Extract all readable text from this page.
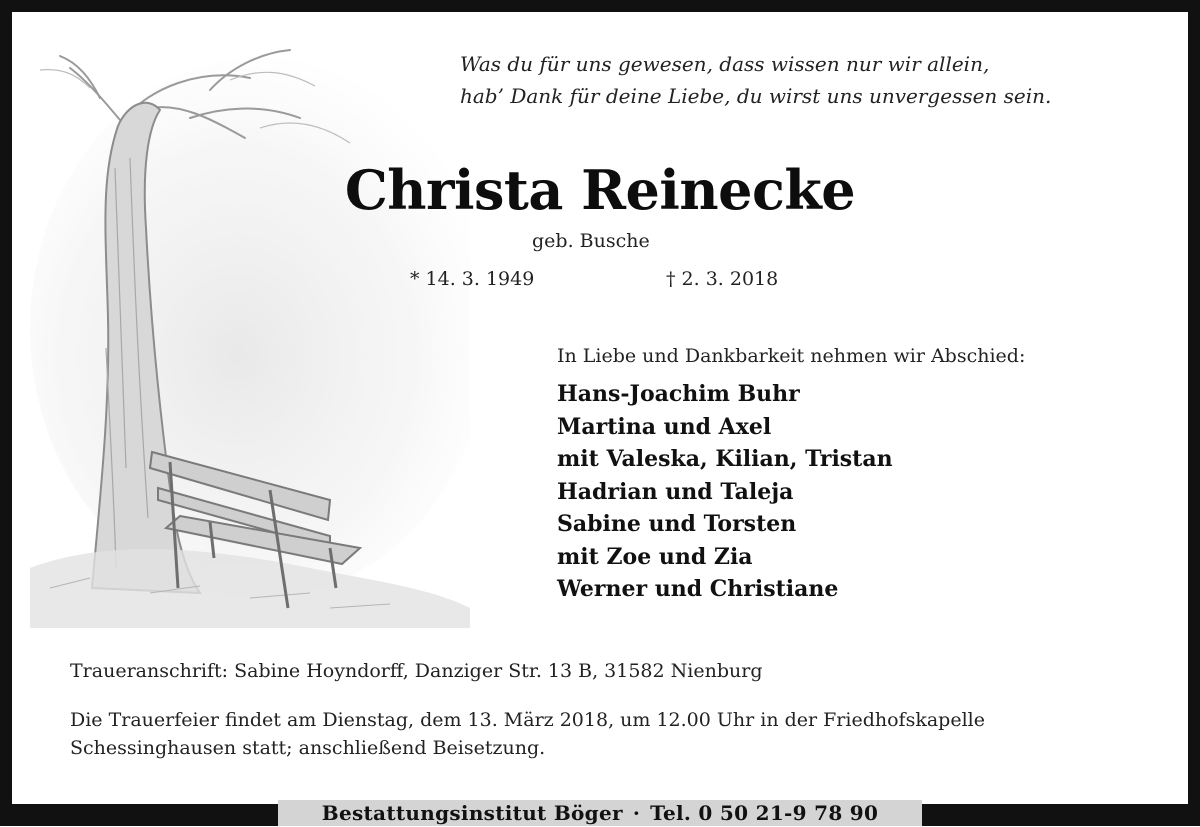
Was du für uns gewesen, dass wissen nur wir allein,
hab’ Dank für deine Liebe, du wirst uns unvergessen sein.
Christa Reinecke
geb. Busche
* 14. 3. 1949	† 2. 3. 2018
In Liebe und Dankbarkeit nehmen wir Abschied:
Hans-Joachim Buhr
Martina und Axel
mit Valeska, Kilian, Tristan
Hadrian und Taleja
Sabine und Torsten
mit Zoe und Zia
Werner und Christiane
Traueranschrift: Sabine Hoyndorff, Danziger Str. 13 B, 31582 Nienburg
Die Trauerfeier findet am Dienstag, dem 13. März 2018, um 12.00 Uhr in der Friedhofskapelle
Schessinghausen statt; anschließend Beisetzung.
Bestattungsinstitut Böger · Tel. 0 50 21-9 78 90
